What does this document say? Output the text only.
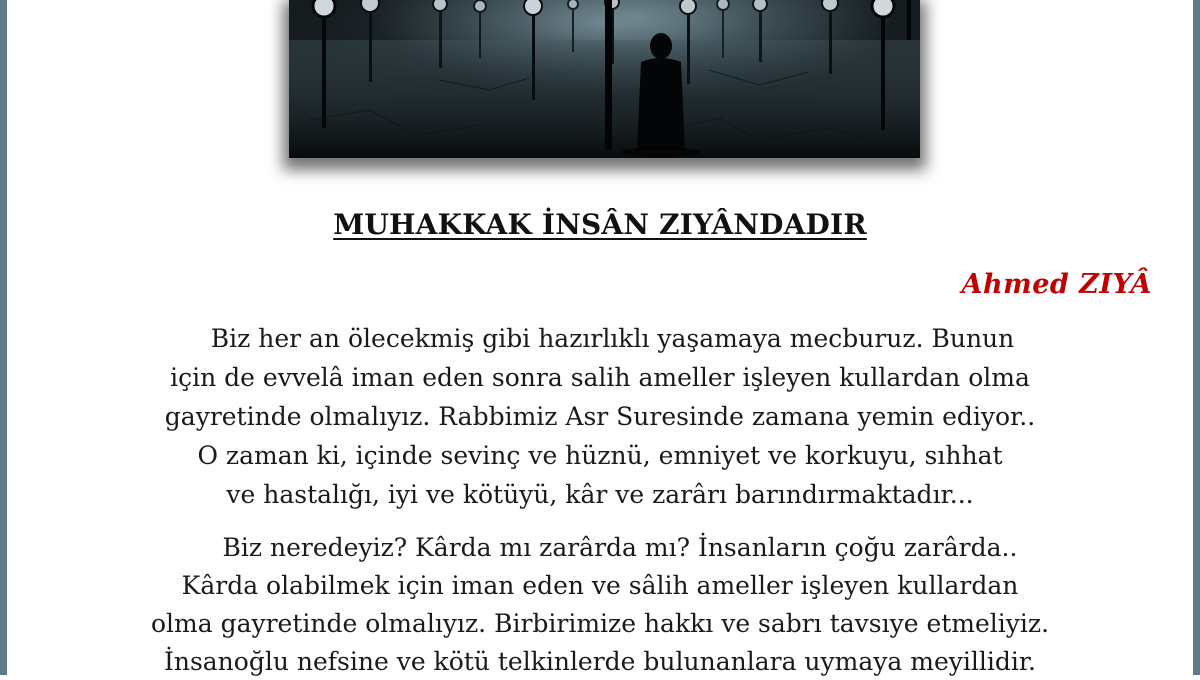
MUHAKKAK İNSÂN ZIYÂNDADIR
Ahmed ZIYÂ
Biz her an ölecekmiş gibi hazırlıklı yaşamaya mecburuz. Bunun
için de evvelâ iman eden sonra salih ameller işleyen kullardan olma
gayretinde olmalıyız. Rabbimiz Asr Suresinde zamana yemin ediyor..
O zaman ki, içinde sevinç ve hüznü, emniyet ve korkuyu, sıhhat
ve hastalığı, iyi ve kötüyü, kâr ve zarârı barındırmaktadır...
Biz neredeyiz? Kârda mı zarârda mı? İnsanların çoğu zarârda..
Kârda olabilmek için iman eden ve sâlih ameller işleyen kullardan
olma gayretinde olmalıyız. Birbirimize hakkı ve sabrı tavsıye etmeliyiz.
İnsanoğlu nefsine ve kötü telkinlerde bulunanlara uymaya meyillidir.
